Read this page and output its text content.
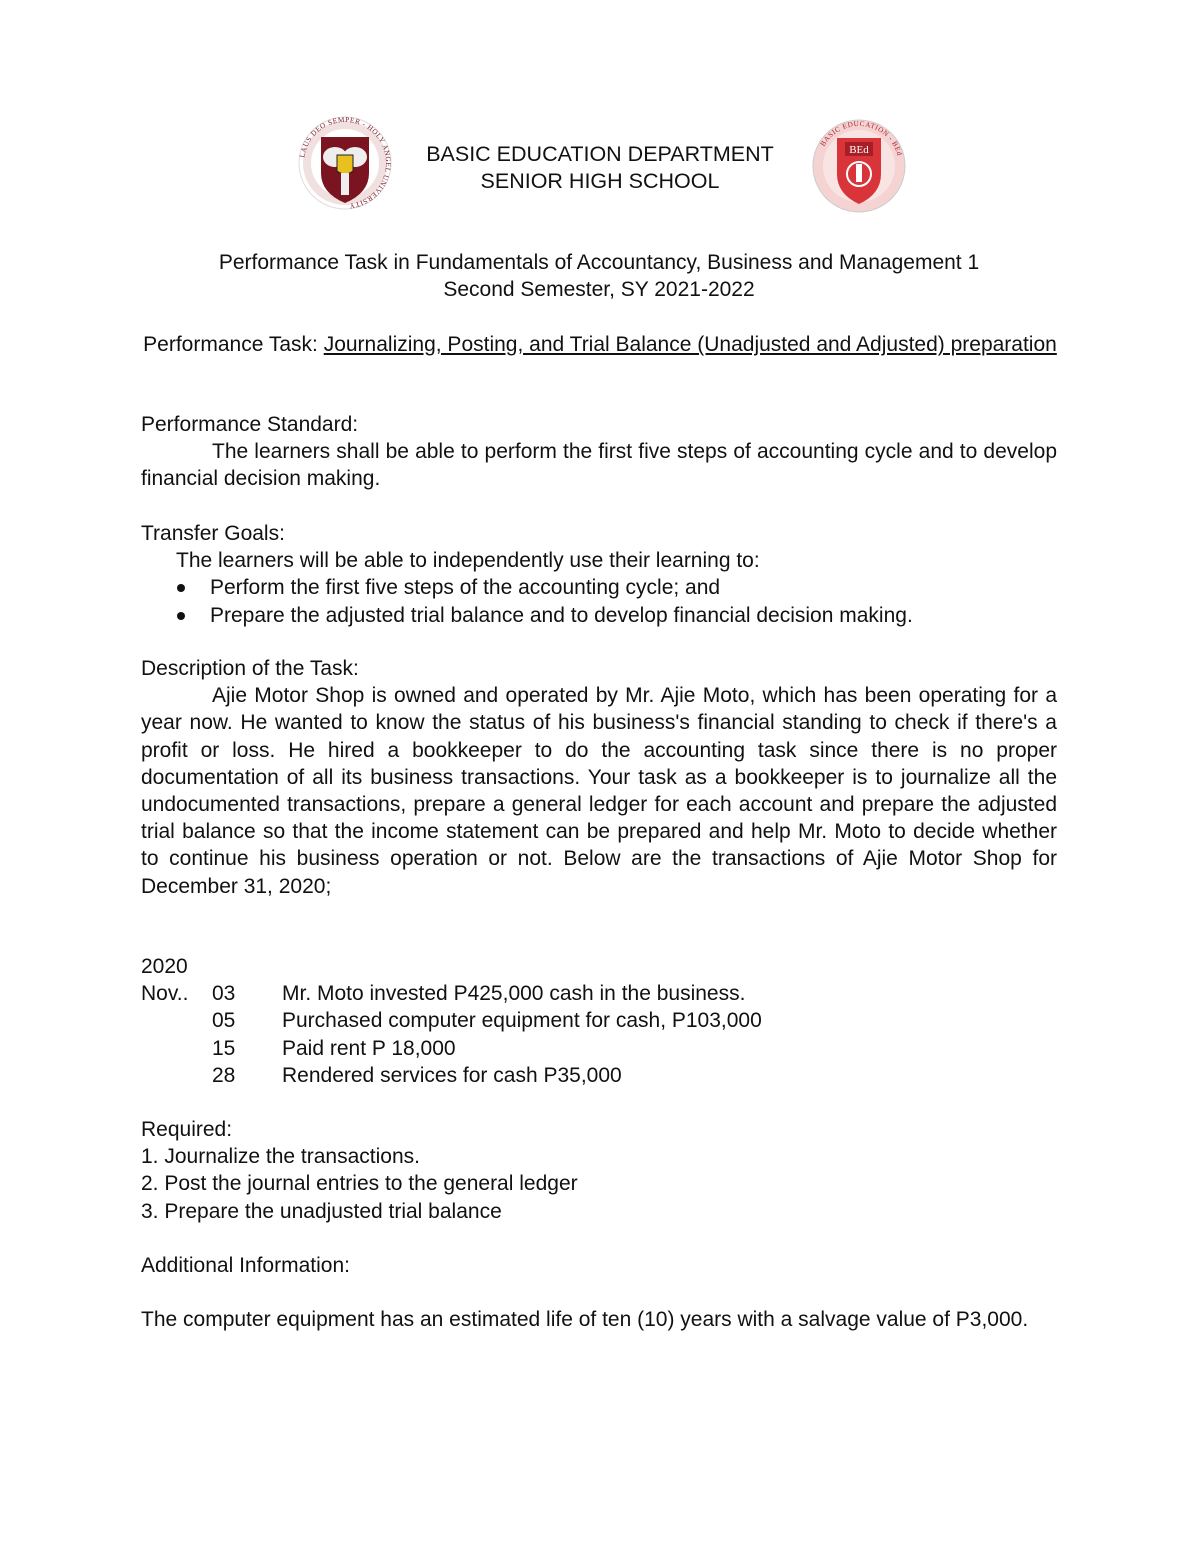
LAUS DEO SEMPER - HOLY ANGEL UNIVERSITY
BASIC EDUCATION - BEd
BEd
BASIC EDUCATION DEPARTMENT
SENIOR HIGH SCHOOL
Performance Task in Fundamentals of Accountancy, Business and Management 1
Second Semester, SY 2021-2022
Performance Task: Journalizing, Posting, and Trial Balance (Unadjusted and Adjusted) preparation
Performance Standard:
The learners shall be able to perform the first five steps of accounting cycle and to develop financial decision making.
Transfer Goals:
The learners will be able to independently use their learning to:
Perform the first five steps of the accounting cycle; and
Prepare the adjusted trial balance and to develop financial decision making.
Description of the Task:
Ajie Motor Shop is owned and operated by Mr. Ajie Moto, which has been operating for a year now. He wanted to know the status of his business's financial standing to check if there's a profit or loss. He hired a bookkeeper to do the accounting task since there is no proper documentation of all its business transactions. Your task as a bookkeeper is to journalize all the undocumented transactions, prepare a general ledger for each account and prepare the adjusted trial balance so that the income statement can be prepared and help Mr. Moto to decide whether to continue his business operation or not. Below are the transactions of Ajie Motor Shop for December 31, 2020;
2020
Nov..	03	Mr. Moto invested P425,000 cash in the business.
05	Purchased computer equipment for cash, P103,000
15	Paid rent P 18,000
28	Rendered services for cash P35,000
Required:
1. Journalize the transactions.
2. Post the journal entries to the general ledger
3. Prepare the unadjusted trial balance
Additional Information:
The computer equipment has an estimated life of ten (10) years with a salvage value of P3,000.
